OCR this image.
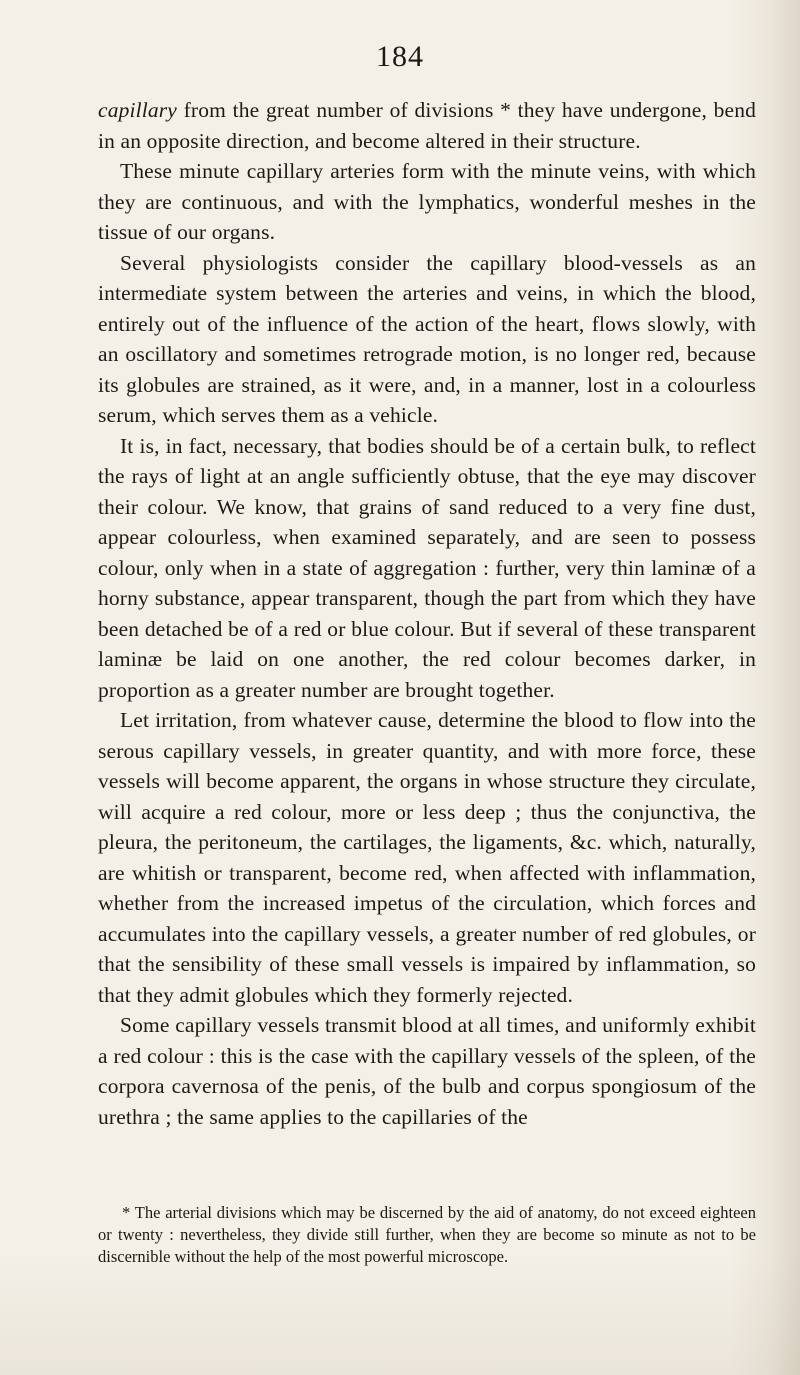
184

capillary from the great number of divisions * they have undergone, bend in an opposite direction, and become altered in their structure.

These minute capillary arteries form with the minute veins, with which they are continuous, and with the lymphatics, wonderful meshes in the tissue of our organs.

Several physiologists consider the capillary blood-vessels as an intermediate system between the arteries and veins, in which the blood, entirely out of the influence of the action of the heart, flows slowly, with an oscillatory and sometimes retrograde motion, is no longer red, because its globules are strained, as it were, and, in a manner, lost in a colourless serum, which serves them as a vehicle.

It is, in fact, necessary, that bodies should be of a certain bulk, to reflect the rays of light at an angle sufficiently obtuse, that the eye may discover their colour. We know, that grains of sand reduced to a very fine dust, appear colourless, when examined separately, and are seen to possess colour, only when in a state of aggregation : further, very thin laminæ of a horny substance, appear transparent, though the part from which they have been detached be of a red or blue colour. But if several of these transparent laminæ be laid on one another, the red colour becomes darker, in proportion as a greater number are brought together.

Let irritation, from whatever cause, determine the blood to flow into the serous capillary vessels, in greater quantity, and with more force, these vessels will become apparent, the organs in whose structure they circulate, will acquire a red colour, more or less deep ; thus the conjunctiva, the pleura, the peritoneum, the cartilages, the ligaments, &c. which, naturally, are whitish or transparent, become red, when affected with inflammation, whether from the increased impetus of the circulation, which forces and accumulates into the capillary vessels, a greater number of red globules, or that the sensibility of these small vessels is impaired by inflammation, so that they admit globules which they formerly rejected.

Some capillary vessels transmit blood at all times, and uniformly exhibit a red colour : this is the case with the capillary vessels of the spleen, of the corpora cavernosa of the penis, of the bulb and corpus spongiosum of the urethra ; the same applies to the capillaries of the

* The arterial divisions which may be discerned by the aid of anatomy, do not exceed eighteen or twenty : nevertheless, they divide still further, when they are become so minute as not to be discernible without the help of the most powerful microscope.
